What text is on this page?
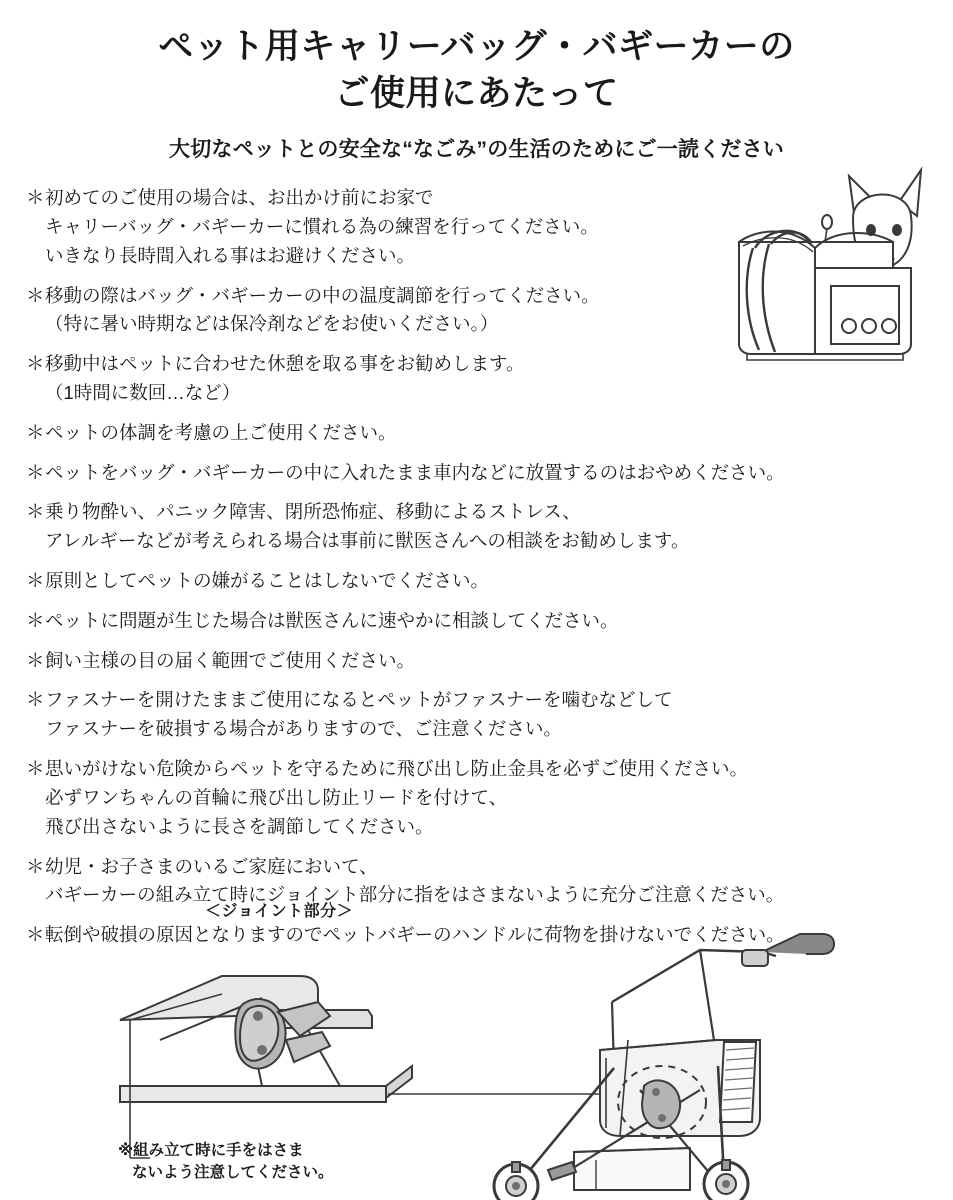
ペット用キャリーバッグ・バギーカーの
ご使用にあたって
大切なペットとの安全な“なごみ”の生活のためにご一読ください
＊ 初めてのご使用の場合は、お出かけ前にお家で
キャリーバッグ・バギーカーに慣れる為の練習を行ってください。
いきなり長時間入れる事はお避けください。
＊ 移動の際はバッグ・バギーカーの中の温度調節を行ってください。
（特に暑い時期などは保冷剤などをお使いください。）
＊ 移動中はペットに合わせた休憩を取る事をお勧めします。
（1時間に数回…など）
＊ ペットの体調を考慮の上ご使用ください。
＊ ペットをバッグ・バギーカーの中に入れたまま車内などに放置するのはおやめください。
＊ 乗り物酔い、パニック障害、閉所恐怖症、移動によるストレス、
アレルギーなどが考えられる場合は事前に獣医さんへの相談をお勧めします。
＊ 原則としてペットの嫌がることはしないでください。
＊ ペットに問題が生じた場合は獣医さんに速やかに相談してください。
＊ 飼い主様の目の届く範囲でご使用ください。
＊ ファスナーを開けたままご使用になるとペットがファスナーを噛むなどして
ファスナーを破損する場合がありますので、ご注意ください。
＊ 思いがけない危険からペットを守るために飛び出し防止金具を必ずご使用ください。
必ずワンちゃんの首輪に飛び出し防止リードを付けて、
飛び出さないように長さを調節してください。
＊ 幼児・お子さまのいるご家庭において、
バギーカーの組み立て時にジョイント部分に指をはさまないように充分ご注意ください。
＊ 転倒や破損の原因となりますのでペットバギーのハンドルに荷物を掛けないでください。
＜ジョイント部分＞
※組み立て時に手をはさま
ないよう注意してください。
